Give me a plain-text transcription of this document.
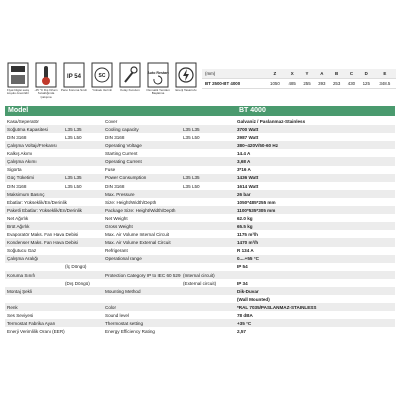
Fiyat bilgisi satış koşulu önemlidir
-45 °C Dış Ortam Sıcaklığında Çalışma
IP 54
Pano Koruma Sınıfı
SC
Yüksek Verimli	Kolay Kurulum
Auto Restart
Otomatik Yeniden Başlatma
Enerji Tasarrufu
(mm)	Z	X	Y	A	B	C	D	E
BT 2500-BT 4000	1050	485	255	393	253	430	125	348.5
Model	BT 4000
Kasa/Seperatör	Cover	Galvaniz / Paslanmaz-Stainless
Soğutma Kapasitesi	L35 L35	Cooling capacity	L35 L35	3700 Watt
DIN 3168	L35 L50	DIN 3168	L35 L50	2987 Watt
Çalışma Voltajı/Frekansı	Operating Voltage	380~420V/50-60 Hz
Kalkış Akımı	Starting Current	14.4 A
Çalışma Akımı	Operating Current	3,68 A
Sigorta	Fuse	3*16 A
Güç Tüketimi	L35 L35	Power Consumption	L35 L35	1436 Watt
DIN 3168	L35 L50	DIN 3168	L35 L50	1614 Watt
Maksimum Basınç	Max. Pressure	26 bar
Ebatlar: Yükseklik/En/Derinlik	Size: Height/Width/Depth	1050*485*255 mm
Paketli Ebatlar: Yükseklik/En/Derinlik	Package Size: Height/Width/Depth	1100*535*305 mm
Net Ağırlık	Net Weight	62.0 kg
Brüt Ağırlık	Gross Weight	65.5 kg
Evaporatör Maks. Fan Hava Debisi	Max. Air Volume Internal Circuit	1175 m³/h
Kondenser Maks. Fan Hava Debisi	Max. Air Volume External Circuit	1470 m³/h
Soğutucu Gaz	Refrigerant	R 134 A
Çalışma Aralığı	Operational range	0....+55 °C
(İç Döngü)	IP 54
Koruma Sınıfı	Protection Category IP to IEC 60 529 (Internal circuit)
(Dış Döngü)	(External circuit)	IP 34
Montaj Şekli	Mounting Method	Dik-Duvar
(Wall Mounted)
Renk	Color	*RAL 7035/PASLANMAZ-STAINLESS
Ses Seviyesi	Sound level	78 dBA
Termostat Fabrika Ayarı	Thermostat setting	+35 °C
Enerji Verimlilik Oranı (EER)	Energy Efficiency Rating	2,57
